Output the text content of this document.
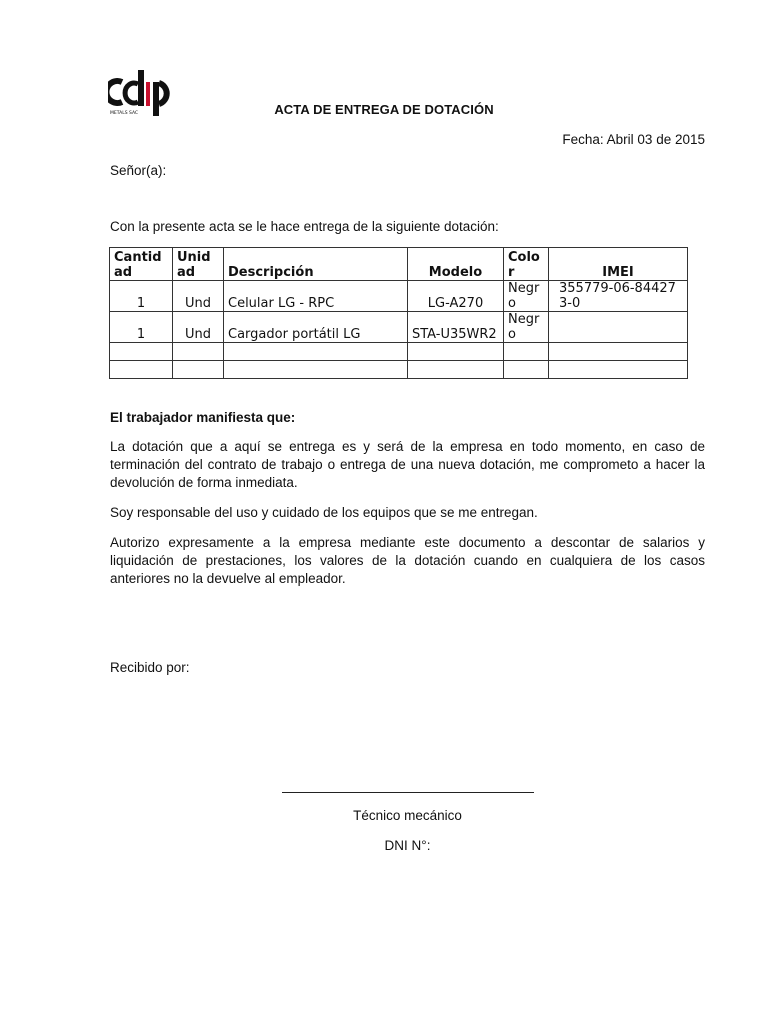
METALS SAC	ACTA DE ENTREGA DE DOTACIÓN
Fecha: Abril 03 de 2015
Señor(a):
Con la presente acta se le hace entrega de la siguiente dotación:
Cantidad	Unidad	Descripción	Modelo	Color	IMEI
1	Und	Celular LG - RPC	LG-A270	Negro	355779-06-844273-0
1	Und	Cargador portátil LG	STA-U35WR2	Negro	

El trabajador manifiesta que:
La dotación que a aquí se entrega es y será de la empresa en todo momento, en caso de terminación del contrato de trabajo o entrega de una nueva dotación, me comprometo a hacer la devolución de forma inmediata.
Soy responsable del uso y cuidado de los equipos que se me entregan.
Autorizo expresamente a la empresa mediante este documento a descontar de salarios y liquidación de prestaciones, los valores de la dotación cuando en cualquiera de los casos anteriores no la devuelve al empleador.
Recibido por:
Técnico mecánico
DNI N°:
